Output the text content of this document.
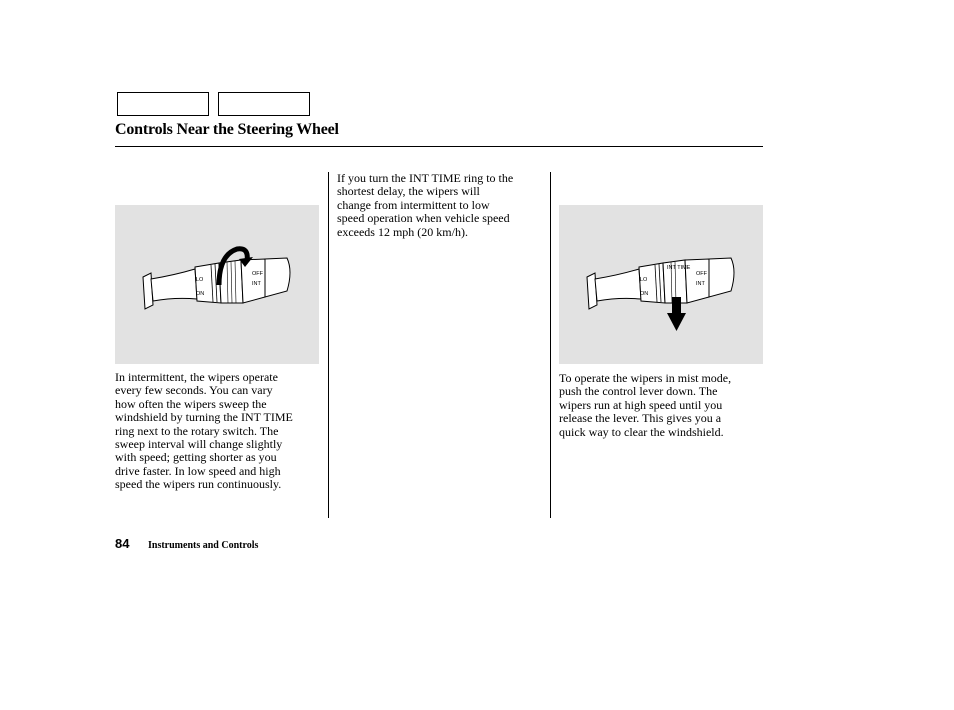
Controls Near the Steering Wheel
OFF
INT
LO
ON
In intermittent, the wipers operate
every few seconds. You can vary
how often the wipers sweep the
windshield by turning the INT TIME
ring next to the rotary switch. The
sweep interval will change slightly
with speed; getting shorter as you
drive faster. In low speed and high
speed the wipers run continuously.
If you turn the INT TIME ring to the
shortest delay, the wipers will
change from intermittent to low
speed operation when vehicle speed
exceeds 12 mph (20 km/h).
OFF
INT
INT TIME
LO
ON
To operate the wipers in mist mode,
push the control lever down. The
wipers run at high speed until you
release the lever. This gives you a
quick way to clear the windshield.
84 Instruments and Controls
